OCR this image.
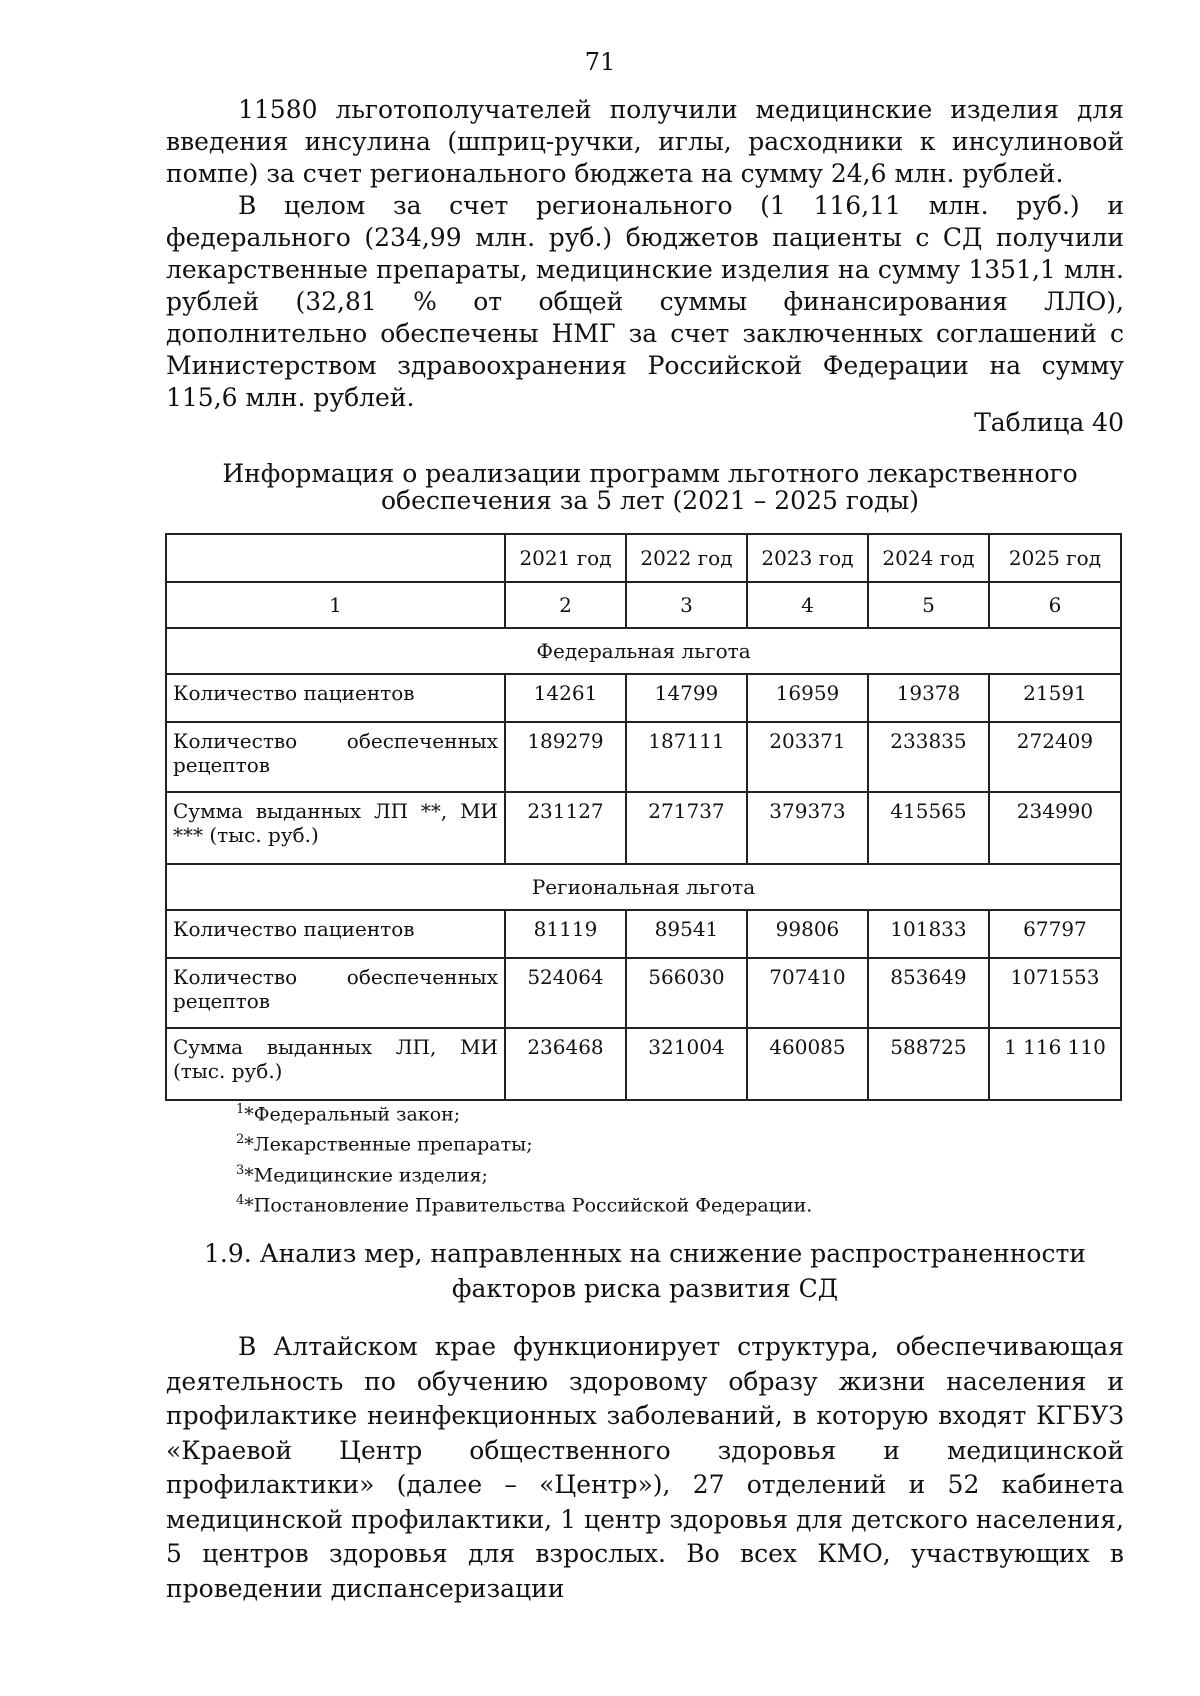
71

11580 льготополучателей получили медицинские изделия для введения инсулина (шприц-ручки, иглы, расходники к инсулиновой помпе) за счет регионального бюджета на сумму 24,6 млн. рублей.

В целом за счет регионального (1 116,11 млн. руб.) и федерального (234,99 млн. руб.) бюджетов пациенты с СД получили лекарственные препараты, медицинские изделия на сумму 1351,1 млн. рублей (32,81 % от общей суммы финансирования ЛЛО), дополнительно обеспечены НМГ за счет заключенных соглашений с Министерством здравоохранения Российской Федерации на сумму 115,6 млн. рублей.

Таблица 40
Информация о реализации программ льготного лекарственного
обеспечения за 5 лет (2021 – 2025 годы)
	2021 год	2022 год	2023 год	2024 год	2025 год
1	2	3	4	5	6
Федеральная льгота					
Количество пациентов	14261	14799	16959	19378	21591

Количество обеспеченных
рецептов	189279	187111	203371	233835	272409

Сумма выданных ЛП **, МИ
*** (тыс. руб.)	231127	271737	379373	415565	234990
Региональная льгота					
Количество пациентов	81119	89541	99806	101833	67797

Количество обеспеченных
рецептов	524064	566030	707410	853649	1071553

Сумма выданных ЛП, МИ
(тыс. руб.)	236468	321004	460085	588725	1 116 110
$^1$*Федеральный закон;
$^2$*Лекарственные препараты;
$^3$*Медицинские изделия;
$^4$*Постановление Правительства Российской Федерации.
1.9. Анализ мер, направленных на снижение распространенности
факторов риска развития СД

В Алтайском крае функционирует структура, обеспечивающая деятельность по обучению здоровому образу жизни населения и профилактике неинфекционных заболеваний, в которую входят КГБУЗ «Краевой Центр общественного здоровья и медицинской профилактики» (далее – «Центр»), 27 отделений и 52 кабинета медицинской профилактики, 1 центр здоровья для детского населения, 5 центров здоровья для взрослых. Во всех КМО, участвующих в проведении диспансеризации
